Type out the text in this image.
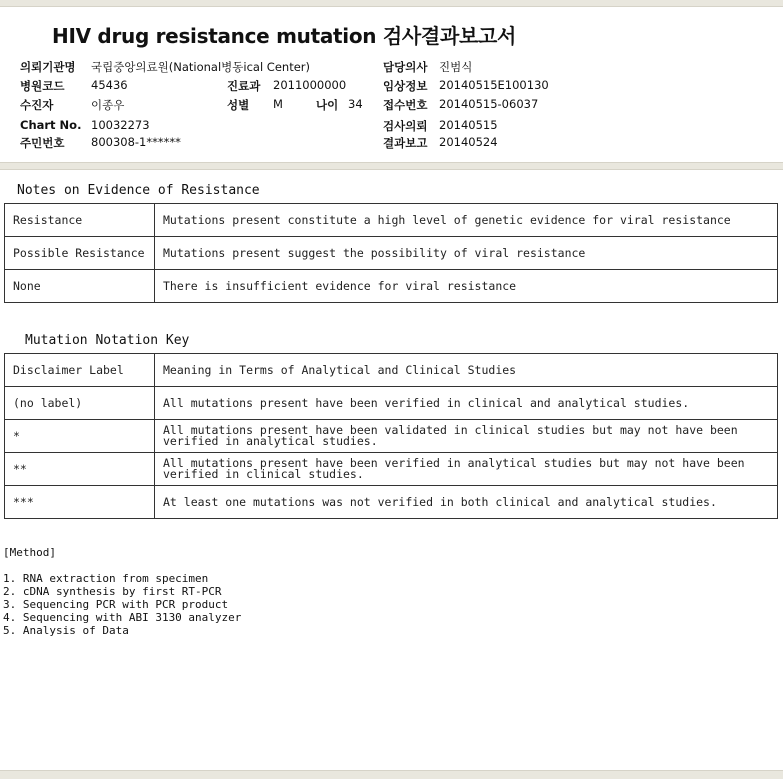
HIV drug resistance mutation 검사결과보고서
의뢰기관명 국립중앙의료원(National병동ical Center)
병원코드 45436
수진자	이종우
Chart No. 10032273
주민번호 800308-1******
진료과 2011000000
성별 M	나이 34
담당의사 진범식
임상정보 20140515E100130
접수번호 20140515-06037
검사의뢰 20140515
결과보고 20140524
Notes on Evidence of Resistance
Resistance	Mutations present constitute a high level of genetic evidence for viral resistance
Possible Resistance	Mutations present suggest the possibility of viral resistance
None	There is insufficient evidence for viral resistance
Mutation Notation Key
Disclaimer Label	Meaning in Terms of Analytical and Clinical Studies
(no label)	All mutations present have been verified in clinical and analytical studies.
*	All mutations present have been validated in clinical studies but may not have been verified in analytical studies.
**	All mutations present have been verified in analytical studies but may not have been verified in clinical studies.
***	At least one mutations was not verified in both clinical and analytical studies.
[Method]
1. RNA extraction from specimen
2. cDNA synthesis by first RT-PCR
3. Sequencing PCR with PCR product
4. Sequencing with ABI 3130 analyzer
5. Analysis of Data
